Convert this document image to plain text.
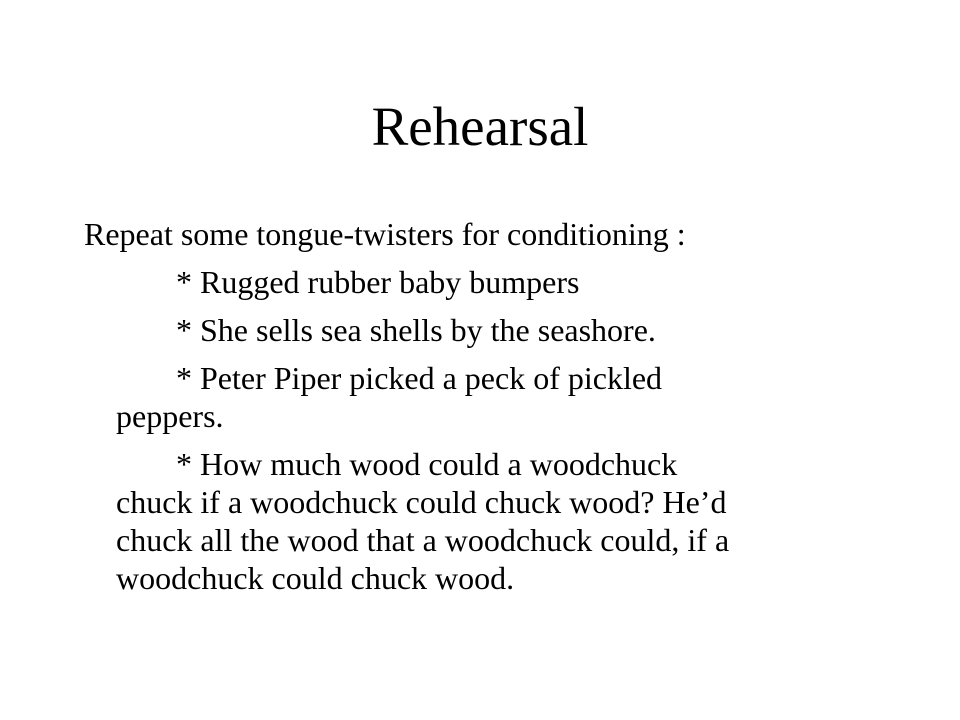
Rehearsal
Repeat some tongue-twisters for conditioning :
* Rugged rubber baby bumpers
* She sells sea shells by the seashore.
* Peter Piper picked a peck of pickled peppers.
* How much wood could a woodchuck chuck if a woodchuck could chuck wood? He’d chuck all the wood that a woodchuck could, if a woodchuck could chuck wood.
